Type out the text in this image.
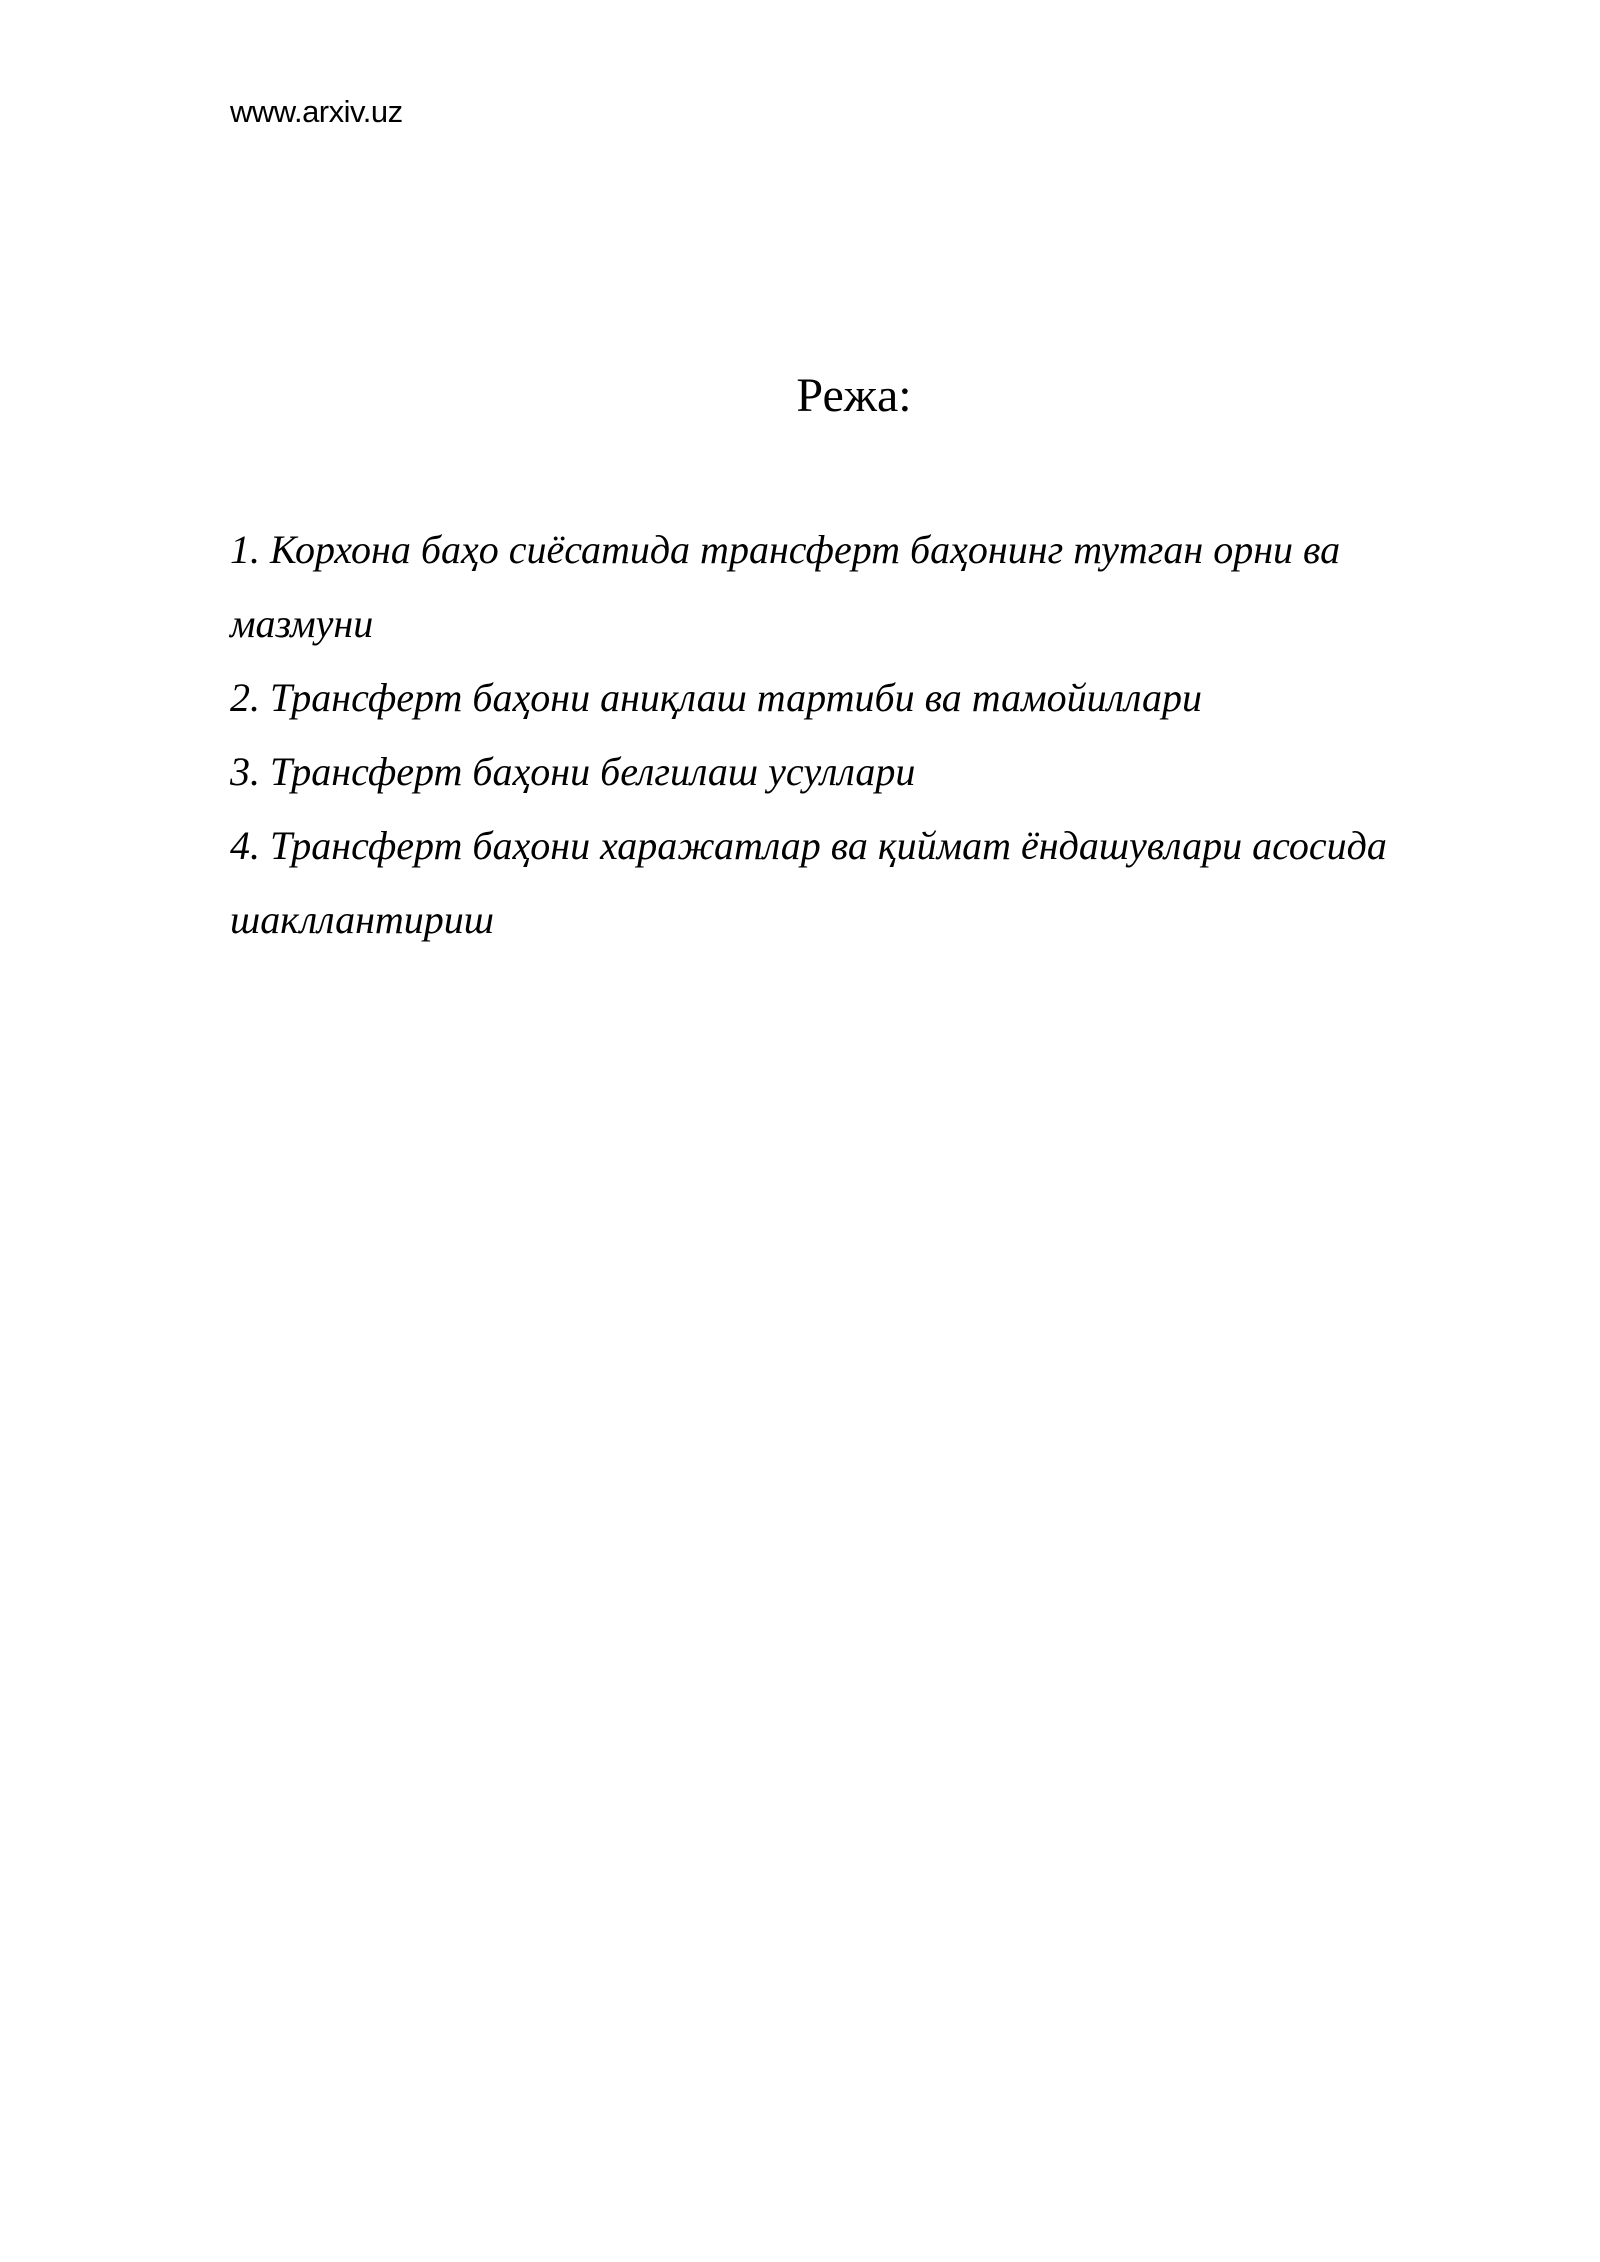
www.arxiv.uz
Режа:
1. Корхона баҳо сиёсатида трансферт баҳонинг тутган орни ва мазмуни
2. Трансферт баҳони аниқлаш тартиби ва тамойиллари
3. Трансферт баҳони белгилаш усуллари
4. Трансферт баҳони харажатлар ва қиймат ёндашувлари асосида шакллантириш
